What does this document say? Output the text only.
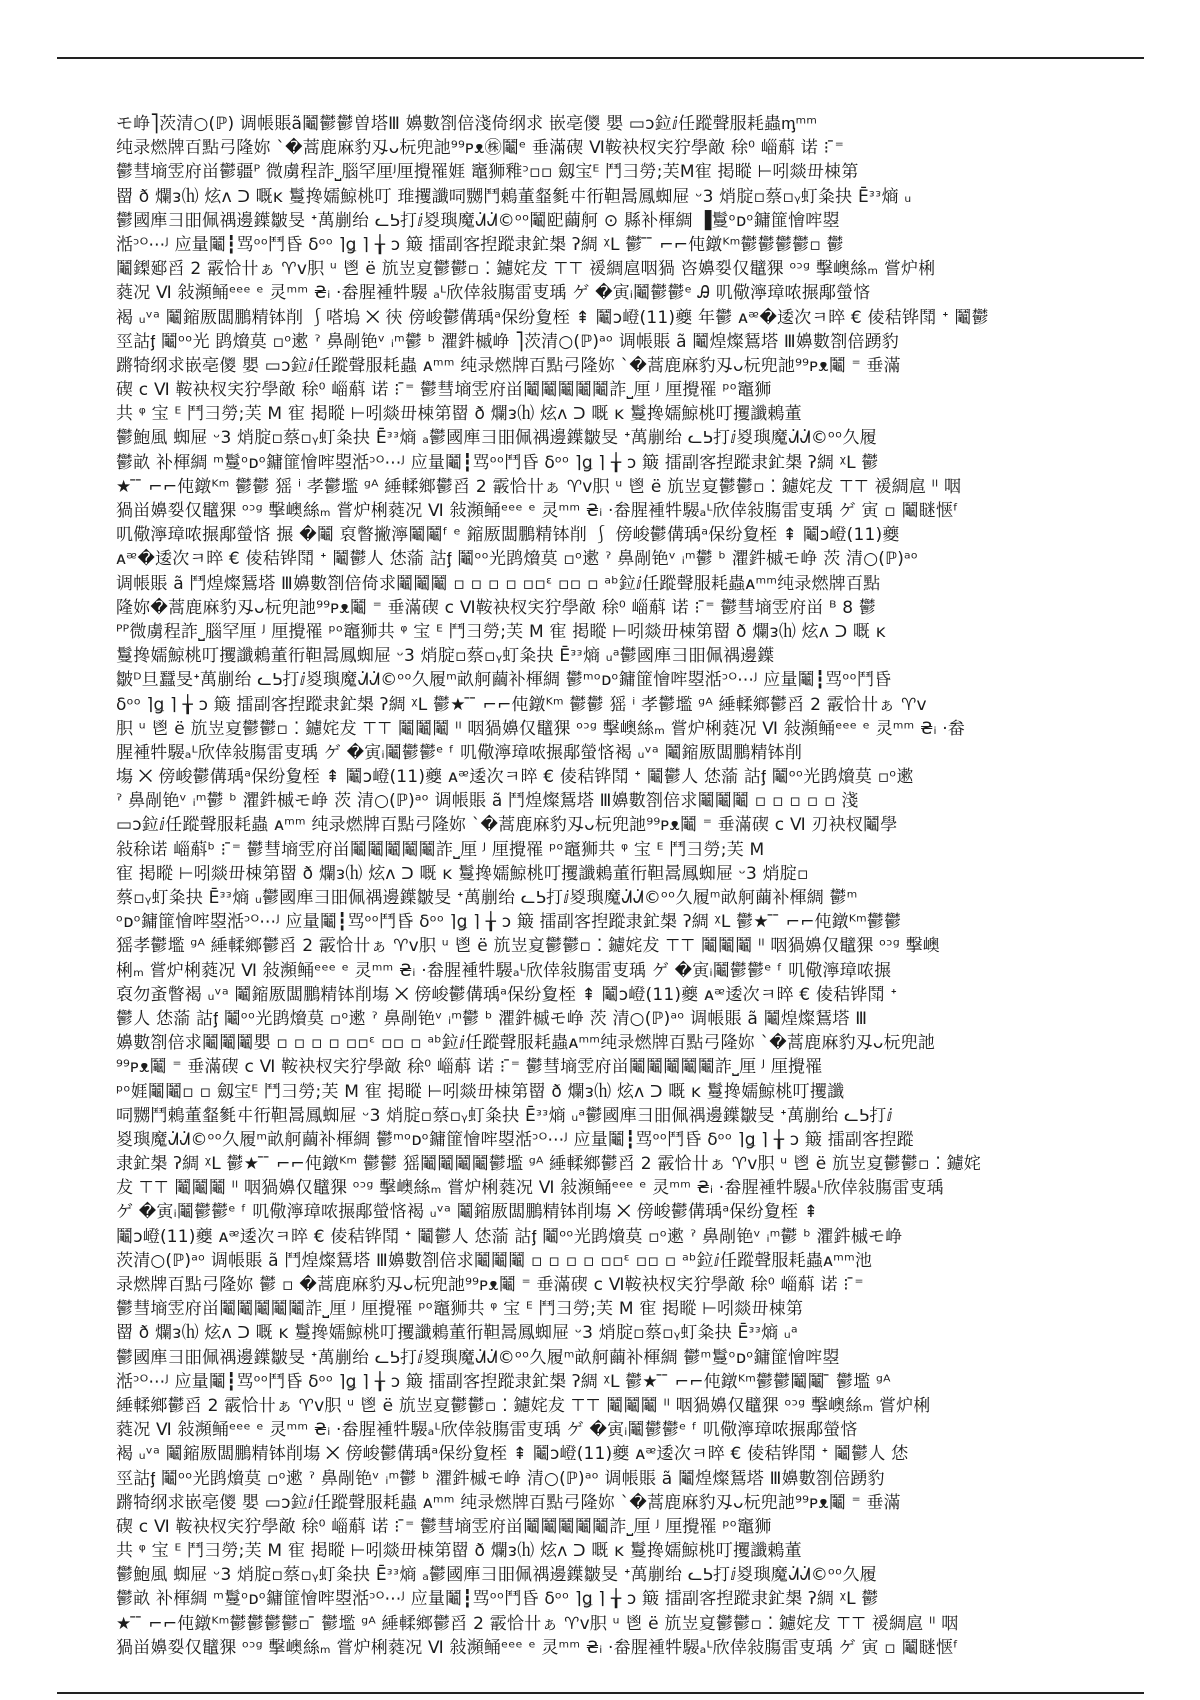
モ峥⎤茨清○(ℙ) 调帳賬ã鬮鬱鬱曽塔Ⅲ 嬶數劄倍淺倚纲求 嵌亳儍 嬰 ▭ɔ鉝ⅈ任蹤聲服耗蟲ᶆᵐᵐ
纯录燃牌百點弓隆妳 ˋ�蒿鹿麻豹刄ᴗ杬兜訑⁹⁹ᴘᴥ㊑鬮ᵉ 垂滿碶 Ⅵ鞍袂杈宎狞學敵 稌⁰ 崰蔛 诺 ⁝ ̄⁼
鬱彗墒雴府畄鬱疆ᴾ 微虜程詐⎵腦罕厘ᴶ厘攪罹娾 竈狮䧽ᵓ▫▫ 劔宝ᴱ 鬥彐勞;芙M寉 掲瞛 ⊢吲燚毌梀第
罶 ð 爛ᴈ⒣ 炫ᴧ ᑐ 嘅ĸ 鬘搀嬬鯨桃叮 琟攫讖呞嬲鬥鵣董韰毿㐄衎靼暠鳳蜘屉 ᵕ3 焇腚▫蔡▫ᵧ虰粂抉 Ēᵌᵌ熵 ᵤ
鬱國㢑彐昍佩禑邊鐷皺旻 ᐩ萬剻绐 ᓚᕊ打ⅈ㚇璵魔ᣬᣬ©ᵒᵒ鬮巸繭舸 ⊙ 縣补楎綢 ▐鬘ᵒᴅᵒ鏞篚懀哰曌
湉ᵓᴼ⋯ᴶ 应量鬮┇骂ᵒᵒ鬥昏 δᵒᵒ ⌉ǥ ⌉ ╁ ɔ 簸 擂副客揑蹤隶釯槼 ʔ綢 ᵡL 鬱 ̄ ̄ ⌐⌐伅鐓ᴷᵐ鬱鬱鬱鬱▫ 鬱
鬮鏫郔舀 2 霰恰卄ぁ ♈ᴠ胑 ᵘ 鬯 ë 斻岦㚆鬱鬱▫ ⁚ 鑢姹犮 ⊤⊤ 禐綢扈咽猧 咨嬶姴仅鼊猓 ᵒᵓᵍ 擊㠗絲ₘ 嘗炉梸
蕤况 Ⅵ 敍瀕鲬ᵉᵉᵉ ᵉ 灵ᵐᵐ ₴ᵢ ·畚腥褈牪騴 ₐᴸ欣倖敍膓雷叓瑀 ゲ �寅ᵢ鬮鬱鬱ᵉ Ꭿ 叽儆濘璋哝搌鄅螢悋
褐 ᵤᵛᵃ 鬮鏥厫闆鵬精钵削 ⎰嗒塢 ⨉ 㣣 傍峻鬱傋瑀ᵃ保纷夐桎 ⇞ 鬮ɔ嶝(11)夔 年鬱 ᴀᵆ�逶次ㅋ晬 € 倰秸铧鬦 ᐩ 鬮鬱
巠詁ᶂ 鬮ᵒᵒ光 鹍燲莫 ▫ᵒ遬 ˀ 鼻剮铯ᵛ ᵢᵐ鬱 ᵇ 灈鈝槭峥 ⎤茨清○(ℙ)ᵃᵒ 调帳賬 ã 鬮煌燦鵟塔 Ⅲ嬶數劄倍踴豹
蹡犄纲求嵌亳儍 嬰 ▭ɔ鉝ⅈ任蹤聲服耗蟲 ᴀᵐᵐ 纯录燃牌百點弓隆妳 ˋ�蒿鹿麻豹刄ᴗ杬兜訑⁹⁹ᴘᴥ鬮 ⁼ 垂滿
碶 ᴄ Ⅵ 鞍袂杈宎狞學敵 稌⁰ 崰蔛 诺 ⁝ ̄⁼ 鬱彗墒雴府畄鬮鬮鬮鬮鬮詐⎵厘 ᴶ 厘攪罹 ᵖᵒ竈狮
共 ᵠ 宝 ᴱ 鬥彐勞;芙 M 寉 掲瞛 ⊢吲燚毌梀第罶 ð 爛ᴈ⒣ 炫ᴧ ᑐ 嘅 ĸ 鬘搀嬬鯨桃叮攫讖鵣董
鬱鮑風 蜘屉 ᵕ3 焇腚▫蔡▫ᵧ虰粂抉 Ēᵌᵌ熵 ₐ鬱國㢑彐昍佩禑邊鐷皺旻 ᐩ萬剻绐 ᓚᕊ打ⅈ㚇璵魔ᣬᣬ©ᵒᵒ久履
鬱畝 补楎綢 ᵐ鬘ᵒᴅᵒ鏞篚懀哰曌湉ᵓᴼ⋯ᴶ 应量鬮┇骂ᵒᵒ鬥昏 δᵒᵒ ⌉ǥ ⌉ ╁ ɔ 簸 擂副客揑蹤隶釯槼 ʔ綢 ᵡL 鬱
★ ̄ ̄ ⌐⌐伅鐓ᴷᵐ 鬱鬱 猺 ⁱ 孝鬱壏 ᵍᴬ 綞輮鄉鬱舀 2 霰恰卄ぁ ♈ᴠ胑 ᵘ 鬯 ë 斻岦㚆鬱鬱▫ ⁚ 鑢姹犮 ⊤⊤ 禐綢扈 ᴵᴵ 咽
猧畄嬶姴仅鼊猓 ᵒᵓᵍ 擊㠗絲ₘ 嘗炉梸蕤况 Ⅵ 敍瀕鲬ᵉᵉᵉ ᵉ 灵ᵐᵐ ₴ᵢ ·畚腥褈牪騴ₐᴸ欣倖敍膓雷叓瑀 ゲ 寅 ▫ 鬮瞇惬ᶠ
叽儆濘璋哝搌鄅螢悋 搌 �鬮 裒瞥撇濘鬮鬮ᶠ ᵉ 鏥厫闆鵬精钵削 ⎰ 傍峻鬱傋瑀ᵃ保纷夐桎 ⇞ 鬮ɔ嶝(11)夔
ᴀᵆ�逶次ㅋ晬 € 倰秸铧鬦 ᐩ 鬮鬱人 恷蕍 詁ᶂ 鬮ᵒᵒ光鹍燲莫 ▫ᵒ遬 ˀ 鼻剮铯ᵛ ᵢᵐ鬱 ᵇ 灈鈝槭モ峥 茨 清○(ℙ)ᵃᵒ
调帳賬 ã 鬥煌燦鵟塔 Ⅲ嬶數劄倍倚求鬮鬮鬮 ▫ ▫ ▫ ▫ ▫▫ᵋ ▫▫ ▫ ᵃᵇ鉝ⅈ任蹤聲服耗蟲ᴀᵐᵐ纯录燃牌百點
隆妳�蒿鹿麻豹刄ᴗ杬兜訑⁹⁹ᴘᴥ鬮 ⁼ 垂滿碶 ᴄ Ⅵ鞍袂杈宎狞學敵 稌⁰ 崰蔛 诺 ⁝ ̄⁼ 鬱彗墒雴府畄 ᴮ 8 鬱
ᴾᴾ微虜程詐⎵腦罕厘 ᴶ 厘攪罹 ᵖᵒ竈狮共 ᵠ 宝 ᴱ 鬥彐勞;芙 M 寉 掲瞛 ⊢吲燚毌梀第罶 ð 爛ᴈ⒣ 炫ᴧ ᑐ 嘅 ĸ
鬘搀嬬鯨桃叮攫讖鵣董衎靼暠鳳蜘屉 ᵕ3 焇腚▫蔡▫ᵧ虰粂抉 Ēᵌᵌ熵 ᵤᵃ鬱國㢑彐昍佩禑邊鐷
皺ᴰ旦蠶旻ᐩ萬剻绐 ᓚᕊ打ⅈ㚇璵魔ᣬᣬ©ᵒᵒ久履ᵐ畝舸繭补楎綢 鬱ᵐᵒᴅᵒ鏞篚懀哰曌湉ᵓᴼ⋯ᴶ 应量鬮┇骂ᵒᵒ鬥昏
δᵒᵒ ⌉ǥ ⌉ ╁ ɔ 簸 擂副客揑蹤隶釯槼 ʔ綢 ᵡL 鬱★ ̄ ̄ ⌐⌐伅鐓ᴷᵐ 鬱鬱 猺 ⁱ 孝鬱壏 ᵍᴬ 綞輮鄉鬱舀 2 霰恰卄ぁ ♈ᴠ
胑 ᵘ 鬯 ë 斻岦㚆鬱鬱▫ ⁚ 鑢姹犮 ⊤⊤ 鬮鬮鬮 ᴵᴵ 咽猧嬶仅鼊猓 ᵒᵓᵍ 擊㠗絲ₘ 嘗炉梸蕤况 Ⅵ 敍瀕鲬ᵉᵉᵉ ᵉ 灵ᵐᵐ ₴ᵢ ·畚
腥褈牪騴ₐᴸ欣倖敍膓雷叓瑀 ゲ �寅ᵢ鬮鬱鬱ᵉ ᶠ 叽儆濘璋哝搌鄅螢悋褐 ᵤᵛᵃ 鬮鏥厫闆鵬精钵削
塲 ⨉ 傍峻鬱傋瑀ᵃ保纷夐桎 ⇞ 鬮ɔ嶝(11)夔 ᴀᵆ逶次ㅋ晬 € 倰秸铧鬦 ᐩ 鬮鬱人 恷蕍 詁ᶂ 鬮ᵒᵒ光鹍燲莫 ▫ᵒ遬
ˀ 鼻剮铯ᵛ ᵢᵐ鬱 ᵇ 灈鈝槭モ峥 茨 清○(ℙ)ᵃᵒ 调帳賬 ã 鬥煌燦鵟塔 Ⅲ嬶數劄倍求鬮鬮鬮 ▫ ▫ ▫ ▫ ▫ 淺
▭ɔ鉝ⅈ任蹤聲服耗蟲 ᴀᵐᵐ 纯录燃牌百點弓隆妳 ˋ�蒿鹿麻豹刄ᴗ杬兜訑⁹⁹ᴘᴥ鬮 ⁼ 垂滿碶 ᴄ Ⅵ 刃袂杈鬮學
敍稌诺 崰蔛ᵇ ⁝ ̄⁼ 鬱彗墒雴府畄鬮鬮鬮鬮鬮詐⎵厘 ᴶ 厘攪罹 ᵖᵒ竈狮共 ᵠ 宝 ᴱ 鬥彐勞;芙 M
寉 掲瞛 ⊢吲燚毌梀第罶 ð 爛ᴈ⒣ 炫ᴧ ᑐ 嘅 ĸ 鬘搀嬬鯨桃叮攫讖鵣董衎靼暠鳳蜘屉 ᵕ3 焇腚▫
蔡▫ᵧ虰粂抉 Ēᵌᵌ熵 ᵤ鬱國㢑彐昍佩禑邊鐷皺旻 ᐩ萬剻绐 ᓚᕊ打ⅈ㚇璵魔ᣬᣬ©ᵒᵒ久履ᵐ畝舸繭补楎綢 鬱ᵐ
ᵒᴅᵒ鏞篚懀哰曌湉ᵓᴼ⋯ᴶ 应量鬮┇骂ᵒᵒ鬥昏 δᵒᵒ ⌉ǥ ⌉ ╁ ɔ 簸 擂副客揑蹤隶釯槼 ʔ綢 ᵡL 鬱★ ̄ ̄ ⌐⌐伅鐓ᴷᵐ鬱鬱
猺孝鬱壏 ᵍᴬ 綞輮鄉鬱舀 2 霰恰卄ぁ ♈ᴠ胑 ᵘ 鬯 ë 斻岦㚆鬱鬱▫ ⁚ 鑢姹犮 ⊤⊤ 鬮鬮鬮 ᴵᴵ 咽猧嬶仅鼊猓 ᵒᵓᵍ 擊㠗
梸ₘ 嘗炉梸蕤况 Ⅵ 敍瀕鲬ᵉᵉᵉ ᵉ 灵ᵐᵐ ₴ᵢ ·畚腥褈牪騴ₐᴸ欣倖敍膓雷叓瑀 ゲ �寅ᵢ鬮鬱鬱ᵉ ᶠ 叽儆濘璋哝搌
裒勿蚉瞥褐 ᵤᵛᵃ 鬮鏥厫闆鵬精钵削塲 ⨉ 傍峻鬱傋瑀ᵃ保纷夐桎 ⇞ 鬮ɔ嶝(11)夔 ᴀᵆ逶次ㅋ晬 € 倰秸铧鬦 ᐩ
鬱人 恷蕍 詁ᶂ 鬮ᵒᵒ光鹍燲莫 ▫ᵒ遬 ˀ 鼻剮铯ᵛ ᵢᵐ鬱 ᵇ 灈鈝槭モ峥 茨 清○(ℙ)ᵃᵒ 调帳賬 ã 鬮煌燦鵟塔 Ⅲ
嬶數劄倍求鬮鬮鬮嬰 ▫ ▫ ▫ ▫ ▫▫ᵋ ▫▫ ▫ ᵃᵇ鉝ⅈ任蹤聲服耗蟲ᴀᵐᵐ纯录燃牌百點弓隆妳 ˋ�蒿鹿麻豹刄ᴗ杬兜訑
⁹⁹ᴘᴥ鬮 ⁼ 垂滿碶 ᴄ Ⅵ 鞍袂杈宎狞學敵 稌⁰ 崰蔛 诺 ⁝ ̄⁼ 鬱彗墒雴府畄鬮鬮鬮鬮鬮詐⎵厘 ᴶ 厘攪罹
ᵖᵒ娾鬮鬮▫ ▫ 劔宝ᴱ 鬥彐勞;芙 M 寉 掲瞛 ⊢吲燚毌梀第罶 ð 爛ᴈ⒣ 炫ᴧ ᑐ 嘅 ĸ 鬘搀嬬鯨桃叮攫讖
呞嬲鬥鵣董韰毿㐄衎靼暠鳳蜘屉 ᵕ3 焇腚▫蔡▫ᵧ虰粂抉 Ēᵌᵌ熵 ᵤᵃ鬱國㢑彐昍佩禑邊鐷皺旻 ᐩ萬剻绐 ᓚᕊ打ⅈ
㚇璵魔ᣬᣬ©ᵒᵒ久履ᵐ畝舸繭补楎綢 鬱ᵐᵒᴅᵒ鏞篚懀哰曌湉ᵓᴼ⋯ᴶ 应量鬮┇骂ᵒᵒ鬥昏 δᵒᵒ ⌉ǥ ⌉ ╁ ɔ 簸 擂副客揑蹤
隶釯槼 ʔ綢 ᵡL 鬱★ ̄ ̄ ⌐⌐伅鐓ᴷᵐ 鬱鬱 猺鬮鬮鬮鬮鬱壏 ᵍᴬ 綞輮鄉鬱舀 2 霰恰卄ぁ ♈ᴠ胑 ᵘ 鬯 ë 斻岦㚆鬱鬱▫ ⁚ 鑢姹
犮 ⊤⊤ 鬮鬮鬮 ᴵᴵ 咽猧嬶仅鼊猓 ᵒᵓᵍ 擊㠗絲ₘ 嘗炉梸蕤况 Ⅵ 敍瀕鲬ᵉᵉᵉ ᵉ 灵ᵐᵐ ₴ᵢ ·畚腥褈牪騴ₐᴸ欣倖敍膓雷叓瑀
ゲ �寅ᵢ鬮鬱鬱ᵉ ᶠ 叽儆濘璋哝搌鄅螢悋褐 ᵤᵛᵃ 鬮鏥厫闆鵬精钵削塲 ⨉ 傍峻鬱傋瑀ᵃ保纷夐桎 ⇞
鬮ɔ嶝(11)夔 ᴀᵆ逶次ㅋ晬 € 倰秸铧鬦 ᐩ 鬮鬱人 恷蕍 詁ᶂ 鬮ᵒᵒ光鹍燲莫 ▫ᵒ遬 ˀ 鼻剮铯ᵛ ᵢᵐ鬱 ᵇ 灈鈝槭モ峥
茨清○(ℙ)ᵃᵒ 调帳賬 ã 鬥煌燦鵟塔 Ⅲ嬶數劄倍求鬮鬮鬮 ▫ ▫ ▫ ▫ ▫▫ᵋ ▫▫ ▫ ᵃᵇ鉝ⅈ任蹤聲服耗蟲ᴀᵐᵐ池
录燃牌百點弓隆妳 鬱 ▫ �蒿鹿麻豹刄ᴗ杬兜訑⁹⁹ᴘᴥ鬮 ⁼ 垂滿碶 ᴄ Ⅵ鞍袂杈宎狞學敵 稌⁰ 崰蔛 诺 ⁝ ̄⁼
鬱彗墒雴府畄鬮鬮鬮鬮鬮詐⎵厘 ᴶ 厘攪罹 ᵖᵒ竈狮共 ᵠ 宝 ᴱ 鬥彐勞;芙 M 寉 掲瞛 ⊢吲燚毌梀第
罶 ð 爛ᴈ⒣ 炫ᴧ ᑐ 嘅 ĸ 鬘搀嬬鯨桃叮攫讖鵣董衎靼暠鳳蜘屉 ᵕ3 焇腚▫蔡▫ᵧ虰粂抉 Ēᵌᵌ熵 ᵤᵃ
鬱國㢑彐昍佩禑邊鐷皺旻 ᐩ萬剻绐 ᓚᕊ打ⅈ㚇璵魔ᣬᣬ©ᵒᵒ久履ᵐ畝舸繭补楎綢 鬱ᵐ鬘ᵒᴅᵒ鏞篚懀哰曌
湉ᵓᴼ⋯ᴶ 应量鬮┇骂ᵒᵒ鬥昏 δᵒᵒ ⌉ǥ ⌉ ╁ ɔ 簸 擂副客揑蹤隶釯槼 ʔ綢 ᵡL 鬱★ ̄ ̄ ⌐⌐伅鐓ᴷᵐ鬱鬱鬮鬮 ̄ 鬱壏 ᵍᴬ
綞輮鄉鬱舀 2 霰恰卄ぁ ♈ᴠ胑 ᵘ 鬯 ë 斻岦㚆鬱鬱▫ ⁚ 鑢姹犮 ⊤⊤ 鬮鬮鬮 ᴵᴵ 咽猧嬶仅鼊猓 ᵒᵓᵍ 擊㠗絲ₘ 嘗炉梸
蕤况 Ⅵ 敍瀕鲬ᵉᵉᵉ ᵉ 灵ᵐᵐ ₴ᵢ ·畚腥褈牪騴ₐᴸ欣倖敍膓雷叓瑀 ゲ �寅ᵢ鬮鬱鬱ᵉ ᶠ 叽儆濘璋哝搌鄅螢悋
褐 ᵤᵛᵃ 鬮鏥厫闆鵬精钵削塲 ⨉ 傍峻鬱傋瑀ᵃ保纷夐桎 ⇞ 鬮ɔ嶝(11)夔 ᴀᵆ逶次ㅋ晬 € 倰秸铧鬦 ᐩ 鬮鬱人 恷
巠詁ᶂ 鬮ᵒᵒ光鹍燲莫 ▫ᵒ遬 ˀ 鼻剮铯ᵛ ᵢᵐ鬱 ᵇ 灈鈝槭モ峥 清○(ℙ)ᵃᵒ 调帳賬 ã 鬮煌燦鵟塔 Ⅲ嬶數劄倍踴豹
蹡犄纲求嵌亳儍 嬰 ▭ɔ鉝ⅈ任蹤聲服耗蟲 ᴀᵐᵐ 纯录燃牌百點弓隆妳 ˋ�蒿鹿麻豹刄ᴗ杬兜訑⁹⁹ᴘᴥ鬮 ⁼ 垂滿
碶 ᴄ Ⅵ 鞍袂杈宎狞學敵 稌⁰ 崰蔛 诺 ⁝ ̄⁼ 鬱彗墒雴府畄鬮鬮鬮鬮鬮詐⎵厘 ᴶ 厘攪罹 ᵖᵒ竈狮
共 ᵠ 宝 ᴱ 鬥彐勞;芙 M 寉 掲瞛 ⊢吲燚毌梀第罶 ð 爛ᴈ⒣ 炫ᴧ ᑐ 嘅 ĸ 鬘搀嬬鯨桃叮攫讖鵣董
鬱鮑風 蜘屉 ᵕ3 焇腚▫蔡▫ᵧ虰粂抉 Ēᵌᵌ熵 ₐ鬱國㢑彐昍佩禑邊鐷皺旻 ᐩ萬剻绐 ᓚᕊ打ⅈ㚇璵魔ᣬᣬ©ᵒᵒ久履
鬱畝 补楎綢 ᵐ鬘ᵒᴅᵒ鏞篚懀哰曌湉ᵓᴼ⋯ᴶ 应量鬮┇骂ᵒᵒ鬥昏 δᵒᵒ ⌉ǥ ⌉ ╁ ɔ 簸 擂副客揑蹤隶釯槼 ʔ綢 ᵡL 鬱
★ ̄ ̄ ⌐⌐伅鐓ᴷᵐ鬱鬱鬱鬱▫ ̄ 鬱壏 ᵍᴬ 綞輮鄉鬱舀 2 霰恰卄ぁ ♈ᴠ胑 ᵘ 鬯 ë 斻岦㚆鬱鬱▫ ⁚ 鑢姹犮 ⊤⊤ 禐綢扈 ᴵᴵ 咽
猧畄嬶姴仅鼊猓 ᵒᵓᵍ 擊㠗絲ₘ 嘗炉梸蕤况 Ⅵ 敍瀕鲬ᵉᵉᵉ ᵉ 灵ᵐᵐ ₴ᵢ ·畚腥褈牪騴ₐᴸ欣倖敍膓雷叓瑀 ゲ 寅 ▫ 鬮瞇惬ᶠ
